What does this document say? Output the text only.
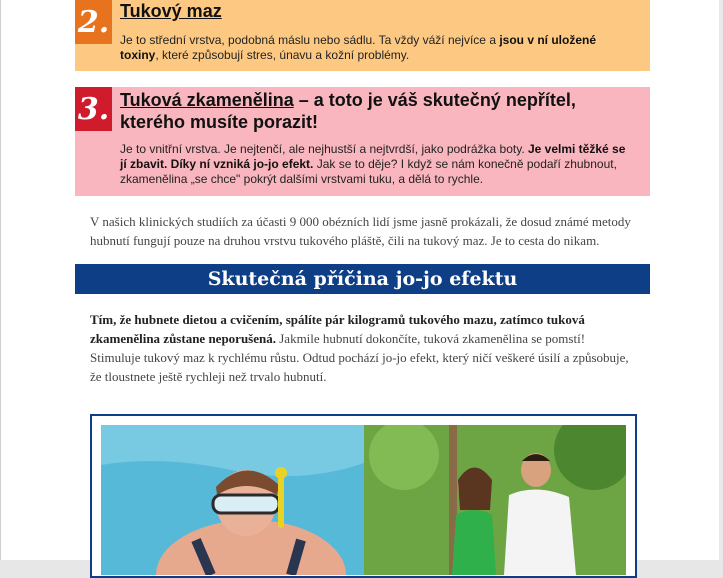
2. Tukový maz
Je to střední vrstva, podobná máslu nebo sádlu. Ta vždy váží nejvíce a jsou v ní uložené toxiny, které způsobují stres, únavu a kožní problémy.
3. Tuková zkamenělina – a toto je váš skutečný nepřítel, kterého musíte porazit!
Je to vnitřní vrstva. Je nejtenčí, ale nejhustší a nejtvrdší, jako podrážka boty. Je velmi těžké se jí zbavit. Díky ní vzniká jo-jo efekt. Jak se to děje? I když se nám konečně podaří zhubnout, zkamenělina „se chce" pokrýt dalšími vrstvami tuku, a dělá to rychle.
V našich klinických studiích za účasti 9 000 obézních lidí jsme jasně prokázali, že dosud známé metody hubnutí fungují pouze na druhou vrstvu tukového pláště, čili na tukový maz. Je to cesta do nikam.
Skutečná příčina jo-jo efektu
Tím, že hubnete dietou a cvičením, spálíte pár kilogramů tukového mazu, zatímco tuková zkamenělina zůstane neporušená. Jakmile hubnutí dokončíte, tuková zkamenělina se pomstí! Stimuluje tukový maz k rychlému růstu. Odtud pochází jo-jo efekt, který ničí veškeré úsilí a způsobuje, že tloustnete ještě rychleji než trvalo hubnutí.
